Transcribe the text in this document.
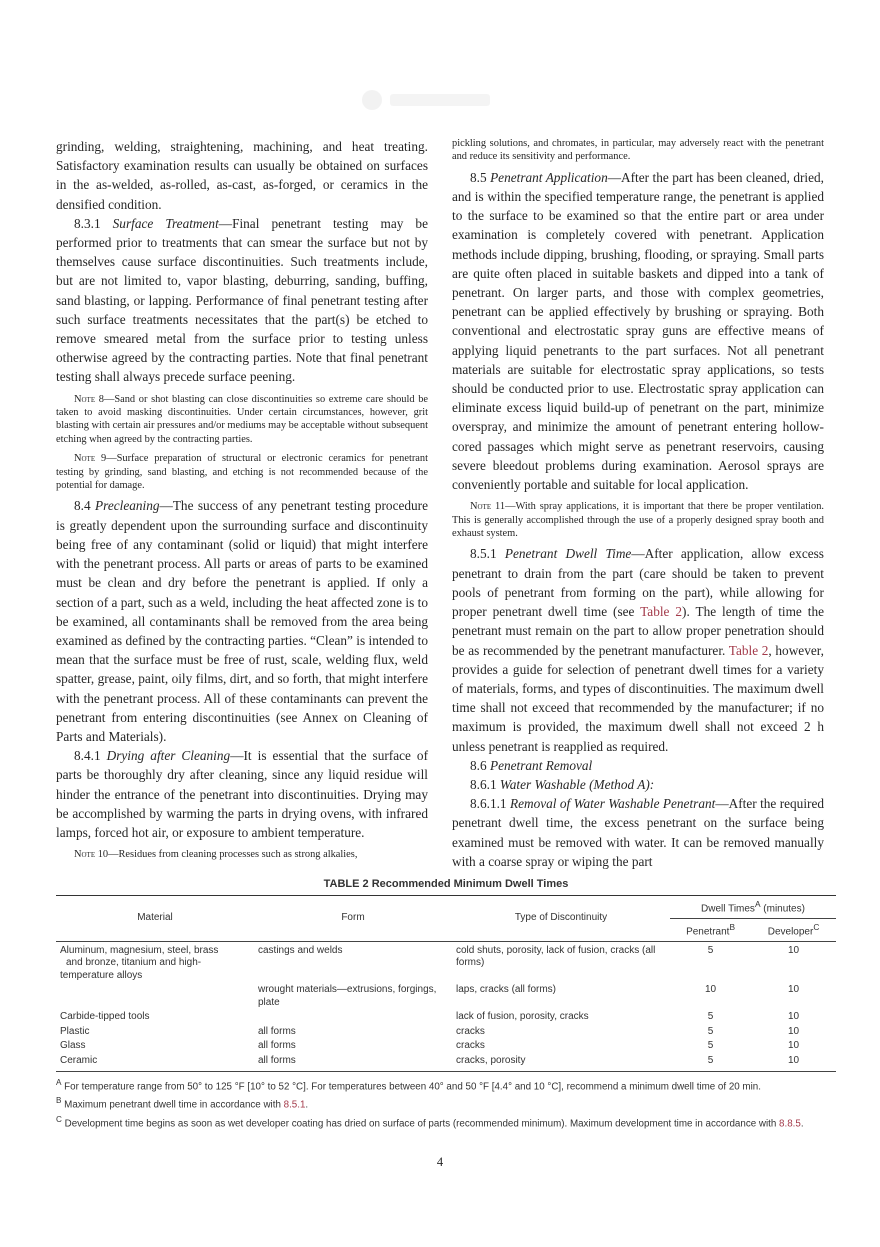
grinding, welding, straightening, machining, and heat treating. Satisfactory examination results can usually be obtained on surfaces in the as-welded, as-rolled, as-cast, as-forged, or ceramics in the densified condition.

8.3.1 Surface Treatment—Final penetrant testing may be performed prior to treatments that can smear the surface but not by themselves cause surface discontinuities. Such treatments include, but are not limited to, vapor blasting, deburring, sanding, buffing, sand blasting, or lapping. Performance of final penetrant testing after such surface treatments necessitates that the part(s) be etched to remove smeared metal from the surface prior to testing unless otherwise agreed by the contracting parties. Note that final penetrant testing shall always precede surface peening.

Note 8—Sand or shot blasting can close discontinuities so extreme care should be taken to avoid masking discontinuities. Under certain circumstances, however, grit blasting with certain air pressures and/or mediums may be acceptable without subsequent etching when agreed by the contracting parties.

Note 9—Surface preparation of structural or electronic ceramics for penetrant testing by grinding, sand blasting, and etching is not recommended because of the potential for damage.

8.4 Precleaning—The success of any penetrant testing procedure is greatly dependent upon the surrounding surface and discontinuity being free of any contaminant (solid or liquid) that might interfere with the penetrant process. All parts or areas of parts to be examined must be clean and dry before the penetrant is applied. If only a section of a part, such as a weld, including the heat affected zone is to be examined, all contaminants shall be removed from the area being examined as defined by the contracting parties. “Clean” is intended to mean that the surface must be free of rust, scale, welding flux, weld spatter, grease, paint, oily films, dirt, and so forth, that might interfere with the penetrant process. All of these contaminants can prevent the penetrant from entering discontinuities (see Annex on Cleaning of Parts and Materials).

8.4.1 Drying after Cleaning—It is essential that the surface of parts be thoroughly dry after cleaning, since any liquid residue will hinder the entrance of the penetrant into discontinuities. Drying may be accomplished by warming the parts in drying ovens, with infrared lamps, forced hot air, or exposure to ambient temperature.

Note 10—Residues from cleaning processes such as strong alkalies,

pickling solutions, and chromates, in particular, may adversely react with the penetrant and reduce its sensitivity and performance.

8.5 Penetrant Application—After the part has been cleaned, dried, and is within the specified temperature range, the penetrant is applied to the surface to be examined so that the entire part or area under examination is completely covered with penetrant. Application methods include dipping, brushing, flooding, or spraying. Small parts are quite often placed in suitable baskets and dipped into a tank of penetrant. On larger parts, and those with complex geometries, penetrant can be applied effectively by brushing or spraying. Both conventional and electrostatic spray guns are effective means of applying liquid penetrants to the part surfaces. Not all penetrant materials are suitable for electrostatic spray applications, so tests should be conducted prior to use. Electrostatic spray application can eliminate excess liquid build-up of penetrant on the part, minimize overspray, and minimize the amount of penetrant entering hollow-cored passages which might serve as penetrant reservoirs, causing severe bleedout problems during examination. Aerosol sprays are conveniently portable and suitable for local application.

Note 11—With spray applications, it is important that there be proper ventilation. This is generally accomplished through the use of a properly designed spray booth and exhaust system.

8.5.1 Penetrant Dwell Time—After application, allow excess penetrant to drain from the part (care should be taken to prevent pools of penetrant from forming on the part), while allowing for proper penetrant dwell time (see Table 2). The length of time the penetrant must remain on the part to allow proper penetration should be as recommended by the penetrant manufacturer. Table 2, however, provides a guide for selection of penetrant dwell times for a variety of materials, forms, and types of discontinuities. The maximum dwell time shall not exceed that recommended by the manufacturer; if no maximum is provided, the maximum dwell shall not exceed 2 h unless penetrant is reapplied as required.

8.6 Penetrant Removal

8.6.1 Water Washable (Method A):

8.6.1.1 Removal of Water Washable Penetrant—After the required penetrant dwell time, the excess penetrant on the surface being examined must be removed with water. It can be removed manually with a coarse spray or wiping the part

TABLE 2 Recommended Minimum Dwell Times
Material	Form	Type of Discontinuity	Dwell Times$^A$ (minutes)	
			Penetrant$^B$	Developer$^C$
Aluminum, magnesium, steel, brass
and bronze, titanium and high-temperature alloys	castings and welds	cold shuts, porosity, lack of fusion, cracks (all forms)	5	10
	wrought materials—extrusions, forgings, plate	laps, cracks (all forms)	10	10
Carbide-tipped tools		lack of fusion, porosity, cracks	5	10
Plastic	all forms	cracks	5	10
Glass	all forms	cracks	5	10
Ceramic	all forms	cracks, porosity	5	10
$^A$ For temperature range from 50° to 125 °F [10° to 52 °C]. For temperatures between 40° and 50 °F [4.4° and 10 °C], recommend a minimum dwell time of 20 min.
$^B$ Maximum penetrant dwell time in accordance with 8.5.1.
$^C$ Development time begins as soon as wet developer coating has dried on surface of parts (recommended minimum). Maximum development time in accordance with 8.8.5.
4
